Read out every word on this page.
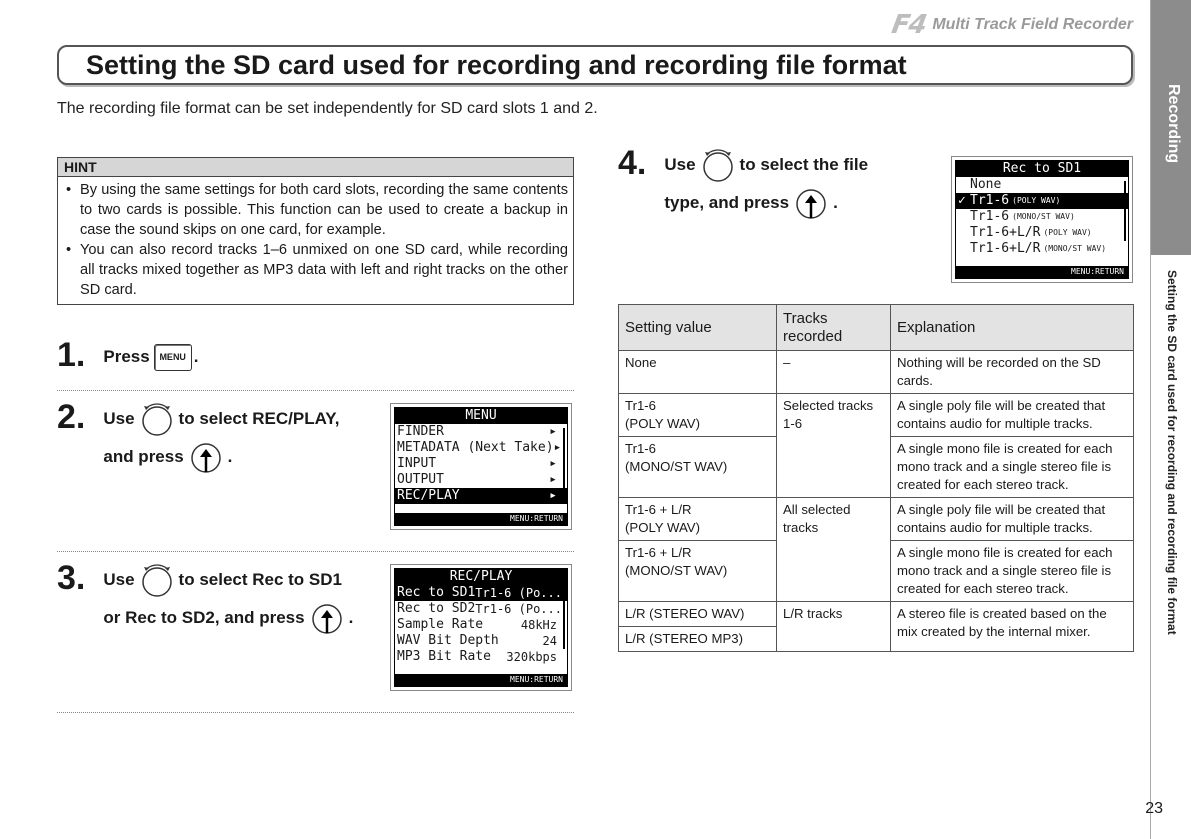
F4 Multi Track Field Recorder
Setting the SD card used for recording and recording file format

The recording file format can be set independently for SD card slots 1 and 2.	Recording
Setting the SD card used for recording and recording file format
HINT
• By using the same settings for both card slots, recording the same contents to two cards is possible. This function can be used to create a backup in case the sound skips on one card, for example.
• You can also record tracks 1–6 unmixed on one SD card, while recording all tracks mixed together as MP3 data with left and right tracks on the other SD card.
1. Press	MENU .
2. Use	to select REC/PLAY,
and press	.
MENU
FINDER	▸
METADATA (Next Take) ▸
INPUT	▸
OUTPUT	▸
REC/PLAY	▸
MENU:RETURN
3. Use	to select Rec to SD1
or Rec to SD2, and press	.
REC/PLAY
Rec to SD1 Tr1-6 (Po...
Rec to SD2 Tr1-6 (Po...
Sample Rate	48kHz
WAV Bit Depth	24
MP3 Bit Rate 320kbps
MENU:RETURN
4. Use	to select the file
type, and press	.
Rec to SD1
None
✓ Tr1-6 (POLY WAV)
Tr1-6 (MONO/ST WAV)
Tr1-6+L/R (POLY WAV)
Tr1-6+L/R (MONO/ST WAV)
MENU:RETURN
Setting value	Tracks recorded	Explanation
None	–	Nothing will be recorded on the SD cards.
Tr1-6
(POLY WAV)	Selected tracks 1-6	A single poly file will be created that contains audio for multiple tracks.
Tr1-6
(MONO/ST WAV)		A single mono file is created for each mono track and a single stereo file is created for each stereo track.
Tr1-6 + L/R
(POLY WAV)	All selected tracks	A single poly file will be created that contains audio for multiple tracks.
Tr1-6 + L/R
(MONO/ST WAV)		A single mono file is created for each mono track and a single stereo file is created for each stereo track.
L/R (STEREO WAV)	L/R tracks	A stereo file is created based on the mix created by the internal mixer.
L/R (STEREO MP3)		
23
